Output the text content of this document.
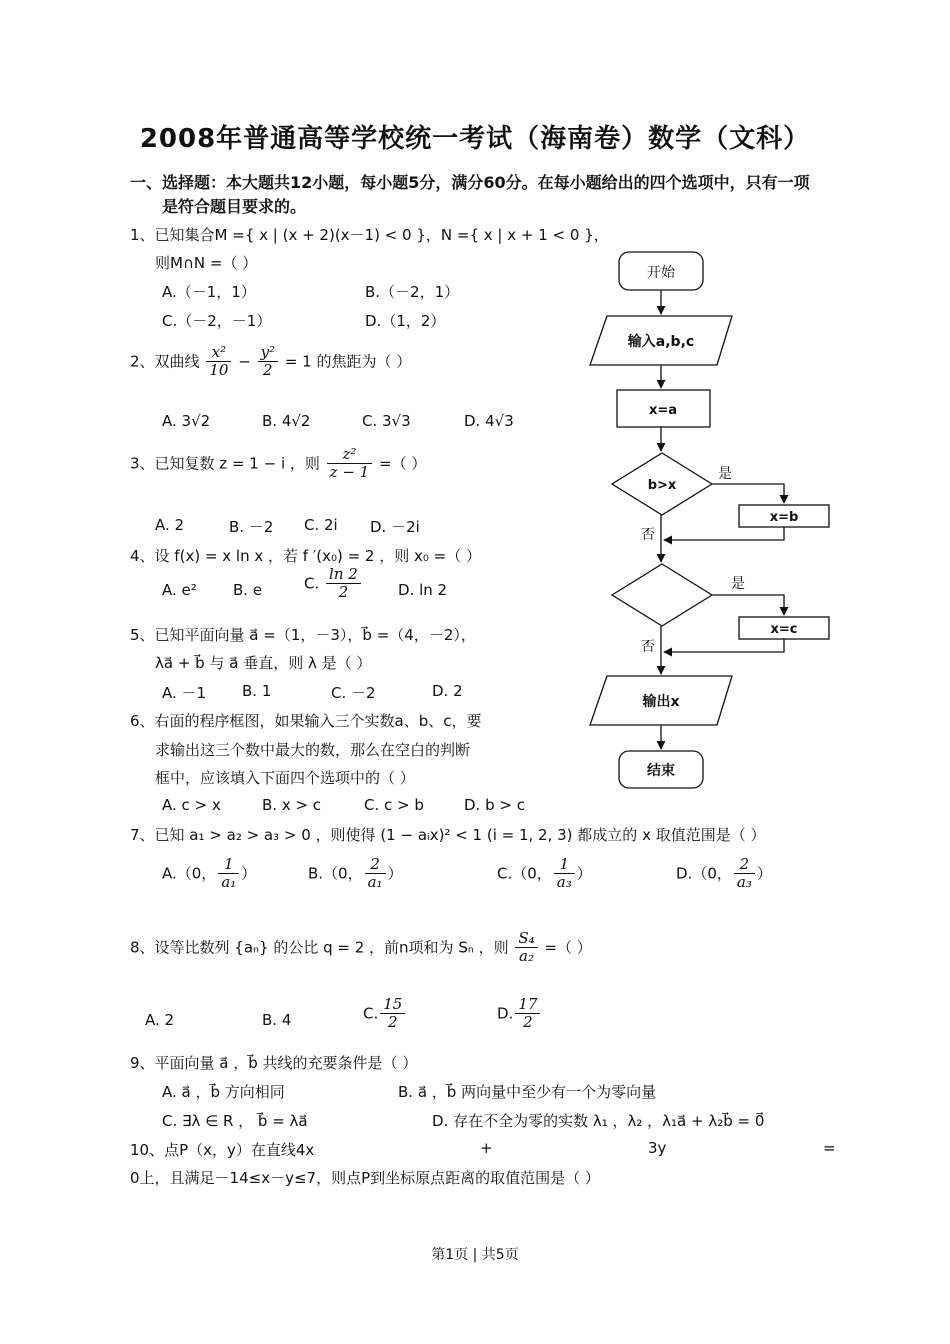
2008年普通高等学校统一考试（海南卷）数学（文科）
一、选择题：本大题共12小题，每小题5分，满分60分。在每小题给出的四个选项中，只有一项
是符合题目要求的。
1、已知集合M ={ x | (x + 2)(x－1) < 0 }，N ={ x | x + 1 < 0 }，
则M∩N =（ ）
A.（－1，1）	B.（－2，1）
C.（－2，－1）	D.（1，2）
2、双曲线 $\frac{\text{x²}}{10} - \frac{\text{y²}}{2} = 1$ 的焦距为（ ）
A. 3√2	B. 4√2	C. 3√3	D. 4√3
3、已知复数 z = 1 − i ，则 $\frac{\text{z²}}{z - 1}$ =（ ）
A. 2	B. －2 C. 2i D. －2i
4、设 f(x) = x ln x ，若 f ′(x₀) = 2 ，则 x₀ =（ ）
A. e² B. e	C. $\frac{\ln 2}{2} D$. ln 2
5、已知平面向量 a⃗ =（1，－3），b⃗ =（4，－2），
λa⃗ + b⃗ 与 a⃗ 垂直，则 λ 是（ ）
A. －1 B. 1	C. －2	D. 2
6、右面的程序框图，如果输入三个实数a、b、c，要
求输出这三个数中最大的数，那么在空白的判断
框中，应该填入下面四个选项中的（ ）
A. c > x	B. x > c	C. c > b	D. b > c
7、已知 a₁ > a₂ > a₃ > 0 ，则使得 (1 − aᵢx)² < 1 (i = 1, 2, 3) 都成立的 x 取值范围是（ ）
A.（0， $\frac{1}{\text{a₁}}$ ）	B.（0， $\frac{2}{\text{a₁}}$ ）	C.（0， $\frac{1}{\text{a₃}}$ ）	D.（0， $\frac{2}{\text{a₃}}$ ）
8、设等比数列 {aₙ} 的公比 q = 2 ，前n项和为 Sₙ ，则 $\frac{\text{S₄}}{\text{a₂}}$ =（ ）
A. 2	B. 4	C. $\frac{15}{2}$	D. $\frac{17}{2}$
9、平面向量 a⃗ ，b⃗ 共线的充要条件是（ ）
A. a⃗ ，b⃗ 方向相同	B. a⃗ ，b⃗ 两向量中至少有一个为零向量
C. ∃λ ∈ R ， b⃗ = λa⃗	D. 存在不全为零的实数 λ₁ ，λ₂ ，λ₁a⃗ + λ₂b⃗ = 0⃗
10、点P（x，y）在直线4x	+	3y	=
0上，且满足－14≤x－y≤7，则点P到坐标原点距离的取值范围是（ ）
开始
输入a,b,c
x=a
b>x
是
否
x=b
是
否
x=c
输出x
结束
第1页 | 共5页
